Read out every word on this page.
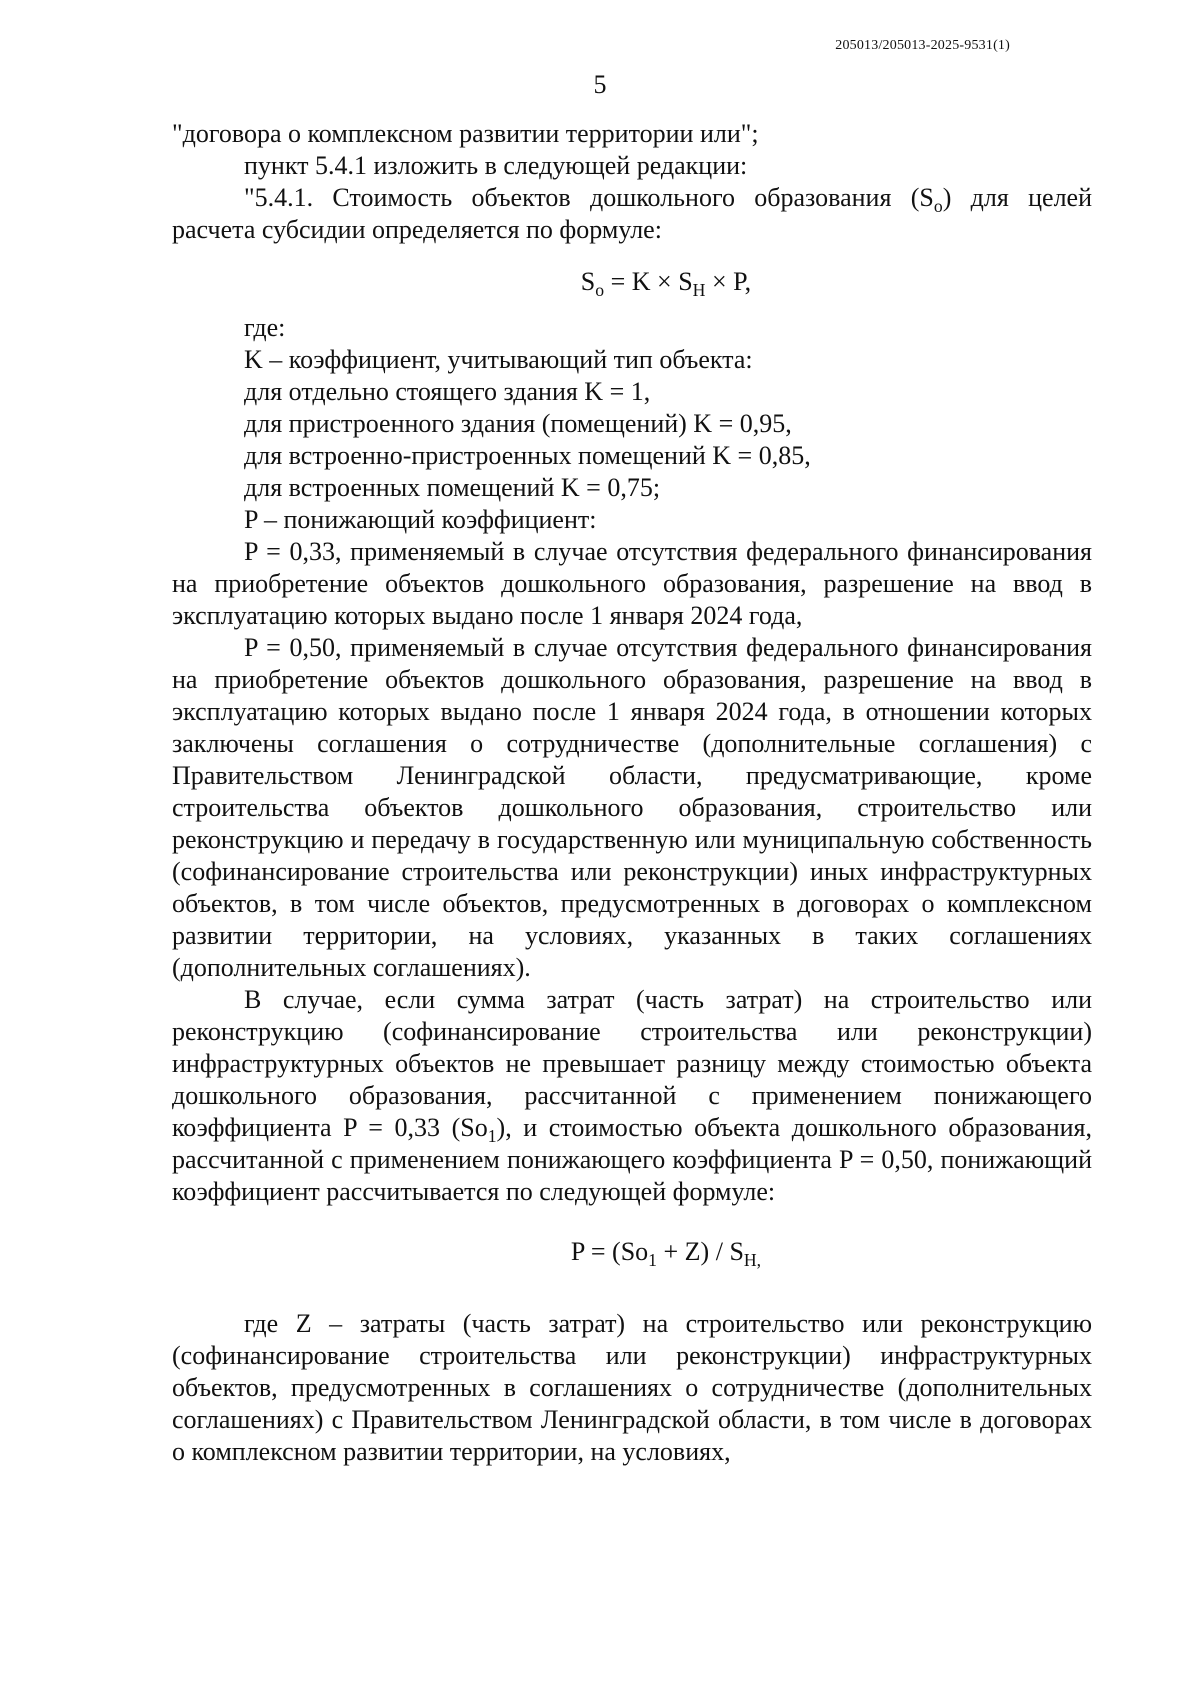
205013/205013-2025-9531(1)
5

"договора о комплексном развитии территории или";

пункт 5.4.1 изложить в следующей редакции:

"5.4.1. Стоимость объектов дошкольного образования $(S_o)$ для целей расчета субсидии определяется по формуле:

$S_o = K \times S_H \times P$,

где:

K – коэффициент, учитывающий тип объекта:

для отдельно стоящего здания K = 1,

для пристроенного здания (помещений) K = 0,95,

для встроенно-пристроенных помещений K = 0,85,

для встроенных помещений K = 0,75;

P – понижающий коэффициент:

P = 0,33, применяемый в случае отсутствия федерального финансирования на приобретение объектов дошкольного образования, разрешение на ввод в эксплуатацию которых выдано после 1 января 2024 года,

P = 0,50, применяемый в случае отсутствия федерального финансирования на приобретение объектов дошкольного образования, разрешение на ввод в эксплуатацию которых выдано после 1 января 2024 года, в отношении которых заключены соглашения о сотрудничестве (дополнительные соглашения) с Правительством Ленинградской области, предусматривающие, кроме строительства объектов дошкольного образования, строительство или реконструкцию и передачу в государственную или муниципальную собственность (софинансирование строительства или реконструкции) иных инфраструктурных объектов, в том числе объектов, предусмотренных в договорах о комплексном развитии территории, на условиях, указанных в таких соглашениях (дополнительных соглашениях).

В случае, если сумма затрат (часть затрат) на строительство или реконструкцию (софинансирование строительства или реконструкции) инфраструктурных объектов не превышает разницу между стоимостью объекта дошкольного образования, рассчитанной с применением понижающего коэффициента P = 0,33 $(So_1)$, и стоимостью объекта дошкольного образования, рассчитанной с применением понижающего коэффициента P = 0,50, понижающий коэффициент рассчитывается по следующей формуле:

$P = (So_1 + Z) / S_{H,}$

где Z – затраты (часть затрат) на строительство или реконструкцию (софинансирование строительства или реконструкции) инфраструктурных объектов, предусмотренных в соглашениях о сотрудничестве (дополнительных соглашениях) с Правительством Ленинградской области, в том числе в договорах о комплексном развитии территории, на условиях,
